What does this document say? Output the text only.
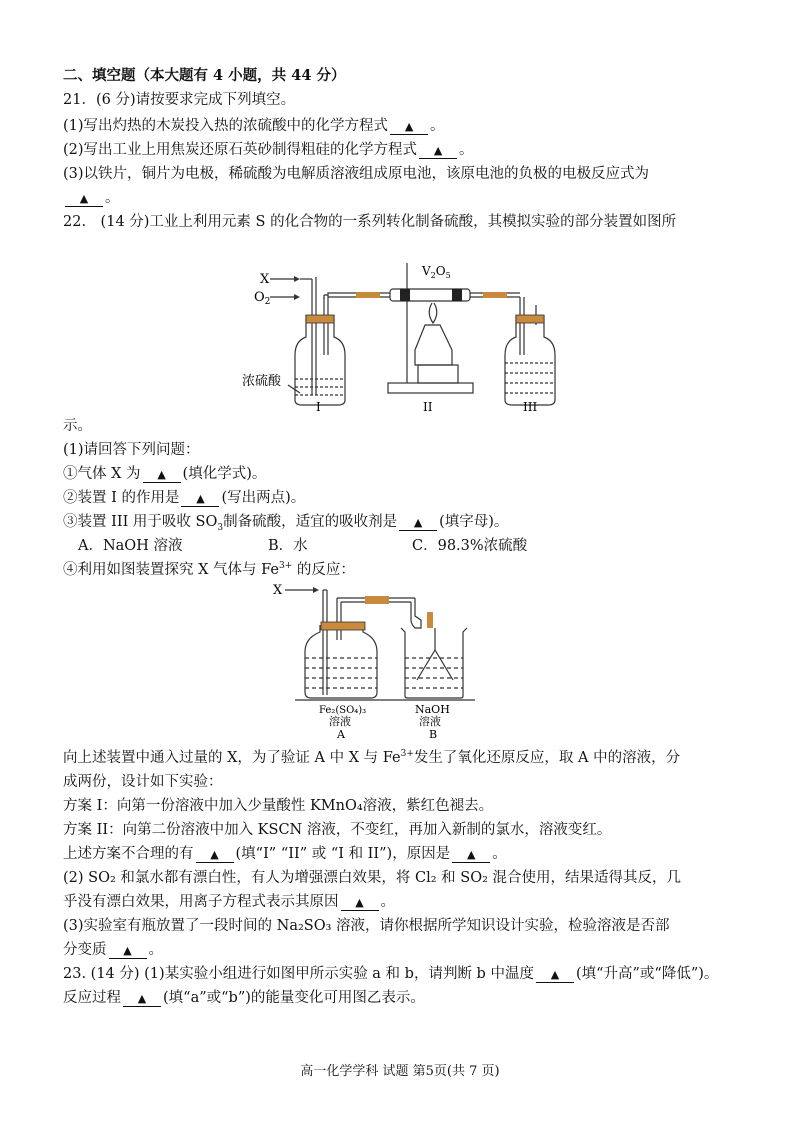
二、填空题（本大题有 4 小题，共 44 分）
21．(6 分)请按要求完成下列填空。
(1)写出灼热的木炭投入热的浓硫酸中的化学方程式 ▲ 。
(2)写出工业上用焦炭还原石英砂制得粗硅的化学方程式 ▲ 。
(3)以铁片，铜片为电极，稀硫酸为电解质溶液组成原电池，该原电池的负极的电极反应式为
▲ 。
22.　(14 分)工业上利用元素 S 的化合物的一系列转化制备硫酸，其模拟实验的部分装置如图所
X
$O_2$
$V_2O_5$
浓硫酸
I	II	III
示。
(1)请回答下列问题：
①气体 X 为 ▲ (填化学式)。
②装置 I 的作用是 ▲ (写出两点)。
③装置 III 用于吸收 $SO_3$制备硫酸，适宜的吸收剂是 ▲ (填字母)。
A．NaOH 溶液	B．水	C．98.3%浓硫酸
④利用如图装置探究 X 气体与 $Fe^{3+}$ 的反应：
X
Fe₂(SO₄)₃
溶液
NaOH
溶液
A	B
向上述装置中通入过量的 X，为了验证 A 中 X 与 $Fe^{3+}$发生了氧化还原反应，取 A 中的溶液，分
成两份，设计如下实验：
方案 I：向第一份溶液中加入少量酸性 KMnO₄溶液，紫红色褪去。
方案 II：向第二份溶液中加入 KSCN 溶液，不变红，再加入新制的氯水，溶液变红。
上述方案不合理的有 ▲ (填“I” “II” 或 “I 和 II”)，原因是 ▲ 。
(2) SO₂ 和氯水都有漂白性，有人为增强漂白效果，将 Cl₂ 和 SO₂ 混合使用，结果适得其反，几
乎没有漂白效果，用离子方程式表示其原因 ▲ 。
(3)实验室有瓶放置了一段时间的 Na₂SO₃ 溶液，请你根据所学知识设计实验，检验溶液是否部
分变质 ▲ 。
23. (14 分) (1)某实验小组进行如图甲所示实验 a 和 b，请判断 b 中温度 ▲ (填“升高”或“降低”)。
反应过程 ▲ (填“a”或“b”)的能量变化可用图乙表示。
高一化学学科 试题 第5页(共 7 页)
